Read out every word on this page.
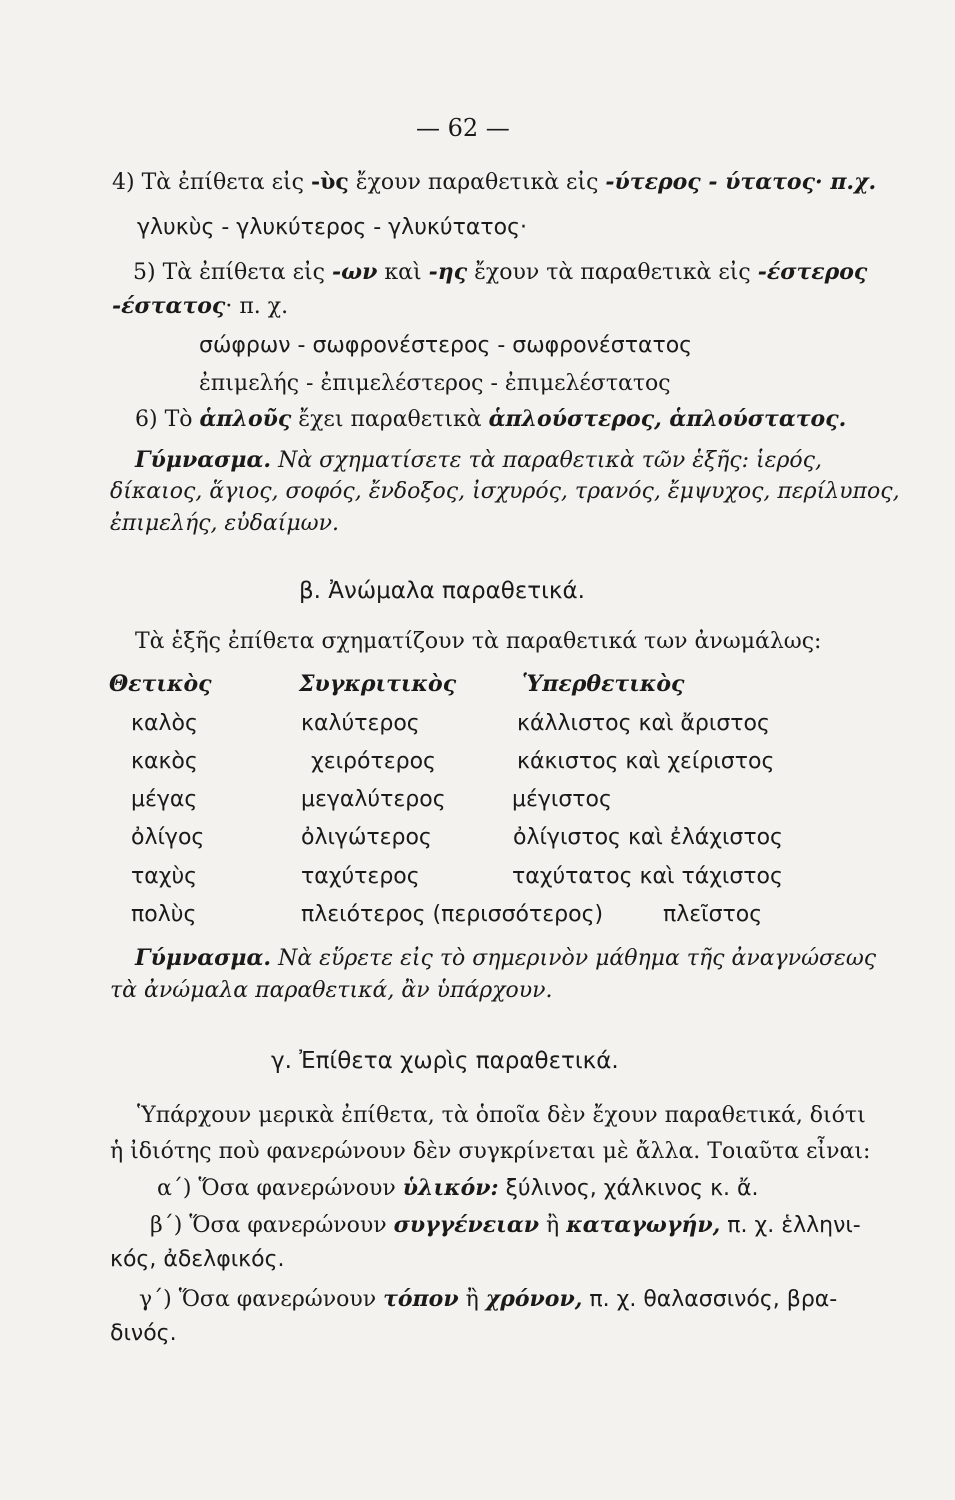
— 62 —
4) Τὰ ἐπίθετα εἰς -ὺς ἔχουν παραθετικὰ εἰς -ύτερος - ύτατος· π.χ.
γλυκὺς - γλυκύτερος - γλυκύτατος·
5) Τὰ ἐπίθετα εἰς -ων καὶ -ης ἔχουν τὰ παραθετικὰ εἰς -έστερος
-έστατος· π. χ.
σώφρων - σωφρονέστερος - σωφρονέστατος
ἐπιμελής - ἐπιμελέστερος - ἐπιμελέστατος
6) Τὸ ἁπλοῦς ἔχει παραθετικὰ ἁπλούστερος, ἁπλούστατος.
Γύμνασμα. Νὰ σχηματίσετε τὰ παραθετικὰ τῶν ἑξῆς: ἱερός,
δίκαιος, ἅγιος, σοφός, ἔνδοξος, ἰσχυρός, τρανός, ἔμψυχος, περίλυπος,
ἐπιμελής, εὐδαίμων.
β. Ἀνώμαλα παραθετικά.
Τὰ ἑξῆς ἐπίθετα σχηματίζουν τὰ παραθετικά των ἀνωμάλως:
Θετικὸς	Συγκριτικὸς	Ὑπερθετικὸς
καλὸς	καλύτερος	κάλλιστος καὶ ἄριστος
κακὸς	χειρότερος	κάκιστος καὶ χείριστος
μέγας	μεγαλύτερος	μέγιστος
ὀλίγος	ὀλιγώτερος	ὀλίγιστος καὶ ἐλάχιστος
ταχὺς	ταχύτερος	ταχύτατος καὶ τάχιστος
πολὺς	πλειότερος (περισσότερος)	πλεῖστος
Γύμνασμα. Νὰ εὕρετε εἰς τὸ σημερινὸν μάθημα τῆς ἀναγνώσεως
τὰ ἀνώμαλα παραθετικά, ἂν ὑπάρχουν.
γ. Ἐπίθετα χωρὶς παραθετικά.
Ὑπάρχουν μερικὰ ἐπίθετα, τὰ ὁποῖα δὲν ἔχουν παραθετικά, διότι
ἡ ἰδιότης ποὺ φανερώνουν δὲν συγκρίνεται μὲ ἄλλα. Τοιαῦτα εἶναι:
α΄) Ὅσα φανερώνουν ὑλικόν: ξύλινος, χάλκινος κ. ἄ.
β΄) Ὅσα φανερώνουν συγγένειαν ἢ καταγωγήν, π. χ. ἑλληνι-
κός, ἀδελφικός.
γ΄) Ὅσα φανερώνουν τόπον ἢ χρόνον, π. χ. θαλασσινός, βρα-
δινός.
